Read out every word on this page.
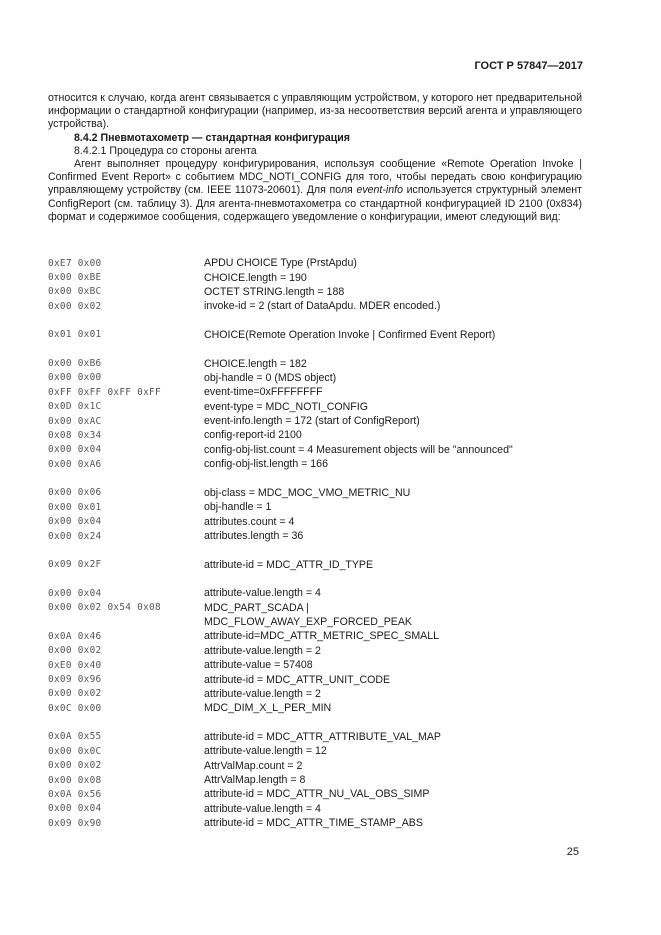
ГОСТ Р 57847—2017

относится к случаю, когда агент связывается с управляющим устройством, у которого нет предварительной информации о стандартной конфигурации (например, из-за несоответствия версий агента и управляющего устройства).

8.4.2 Пневмотахометр — стандартная конфигурация

8.4.2.1 Процедура со стороны агента

Агент выполняет процедуру конфигурирования, используя сообщение «Remote Operation Invoke | Confirmed Event Report» с событием MDC_NOTI_CONFIG для того, чтобы передать свою конфигурацию управляющему устройству (см. IEEE 11073-20601). Для поля event-info используется структурный элемент ConfigReport (см. таблицу 3). Для агента-пневмотахометра со стандартной конфигурацией ID 2100 (0x834) формат и содержимое сообщения, содержащего уведомление о конфигурации, имеют следующий вид:

0xE7 0x00	APDU CHOICE Type (PrstApdu)
0x00 0xBE	CHOICE.length = 190
0x00 0xBC	OCTET STRING.length = 188
0x00 0x02	invoke-id = 2 (start of DataApdu. MDER encoded.)
0x01 0x01	CHOICE(Remote Operation Invoke | Confirmed Event Report)
0x00 0xB6	CHOICE.length = 182
0x00 0x00	obj-handle = 0 (MDS object)
0xFF 0xFF 0xFF 0xFF	event-time=0xFFFFFFFF
0x0D 0x1C	event-type = MDC_NOTI_CONFIG
0x00 0xAC	event-info.length = 172 (start of ConfigReport)
0x08 0x34	config-report-id 2100
0x00 0x04	config-obj-list.count = 4 Measurement objects will be "announced"
0x00 0xA6	config-obj-list.length = 166
0x00 0x06	obj-class = MDC_MOC_VMO_METRIC_NU
0x00 0x01	obj-handle = 1
0x00 0x04	attributes.count = 4
0x00 0x24	attributes.length = 36
0x09 0x2F	attribute-id = MDC_ATTR_ID_TYPE
0x00 0x04	attribute-value.length = 4
0x00 0x02 0x54 0x08	MDC_PART_SCADA |
MDC_FLOW_AWAY_EXP_FORCED_PEAK
0x0A 0x46	attribute-id=MDC_ATTR_METRIC_SPEC_SMALL
0x00 0x02	attribute-value.length = 2
0xE0 0x40	attribute-value = 57408
0x09 0x96	attribute-id = MDC_ATTR_UNIT_CODE
0x00 0x02	attribute-value.length = 2
0x0C 0x00	MDC_DIM_X_L_PER_MIN
0x0A 0x55	attribute-id = MDC_ATTR_ATTRIBUTE_VAL_MAP
0x00 0x0C	attribute-value.length = 12
0x00 0x02	AttrValMap.count = 2
0x00 0x08	AttrValMap.length = 8
0x0A 0x56	attribute-id = MDC_ATTR_NU_VAL_OBS_SIMP
0x00 0x04	attribute-value.length = 4
0x09 0x90	attribute-id = MDC_ATTR_TIME_STAMP_ABS
25
